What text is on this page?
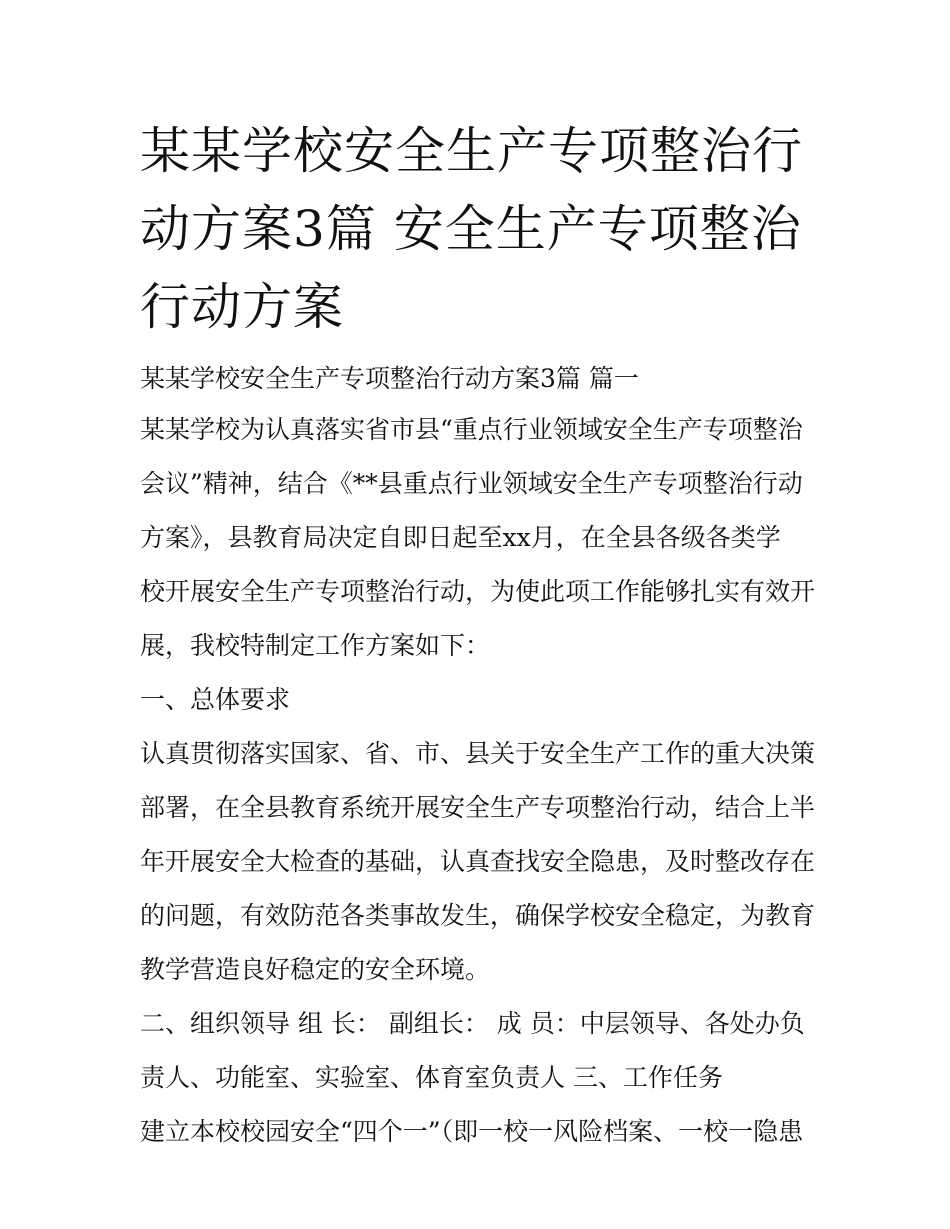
某某学校安全生产专项整治行
动方案3篇 安全生产专项整治
行动方案
某某学校安全生产专项整治行动方案3篇 篇一
某某学校为认真落实省市县“重点行业领域安全生产专项整治
会议”精神，结合《**县重点行业领域安全生产专项整治行动
方案》，县教育局决定自即日起至xx月，在全县各级各类学
校开展安全生产专项整治行动，为使此项工作能够扎实有效开
展，我校特制定工作方案如下：
一、总体要求
认真贯彻落实国家、省、市、县关于安全生产工作的重大决策
部署，在全县教育系统开展安全生产专项整治行动，结合上半
年开展安全大检查的基础，认真查找安全隐患，及时整改存在
的问题，有效防范各类事故发生，确保学校安全稳定，为教育
教学营造良好稳定的安全环境。
二、组织领导 组 长： 副组长： 成 员：中层领导、各处办负
责人、功能室、实验室、体育室负责人 三、工作任务
建立本校校园安全“四个一”（即一校一风险档案、一校一隐患
